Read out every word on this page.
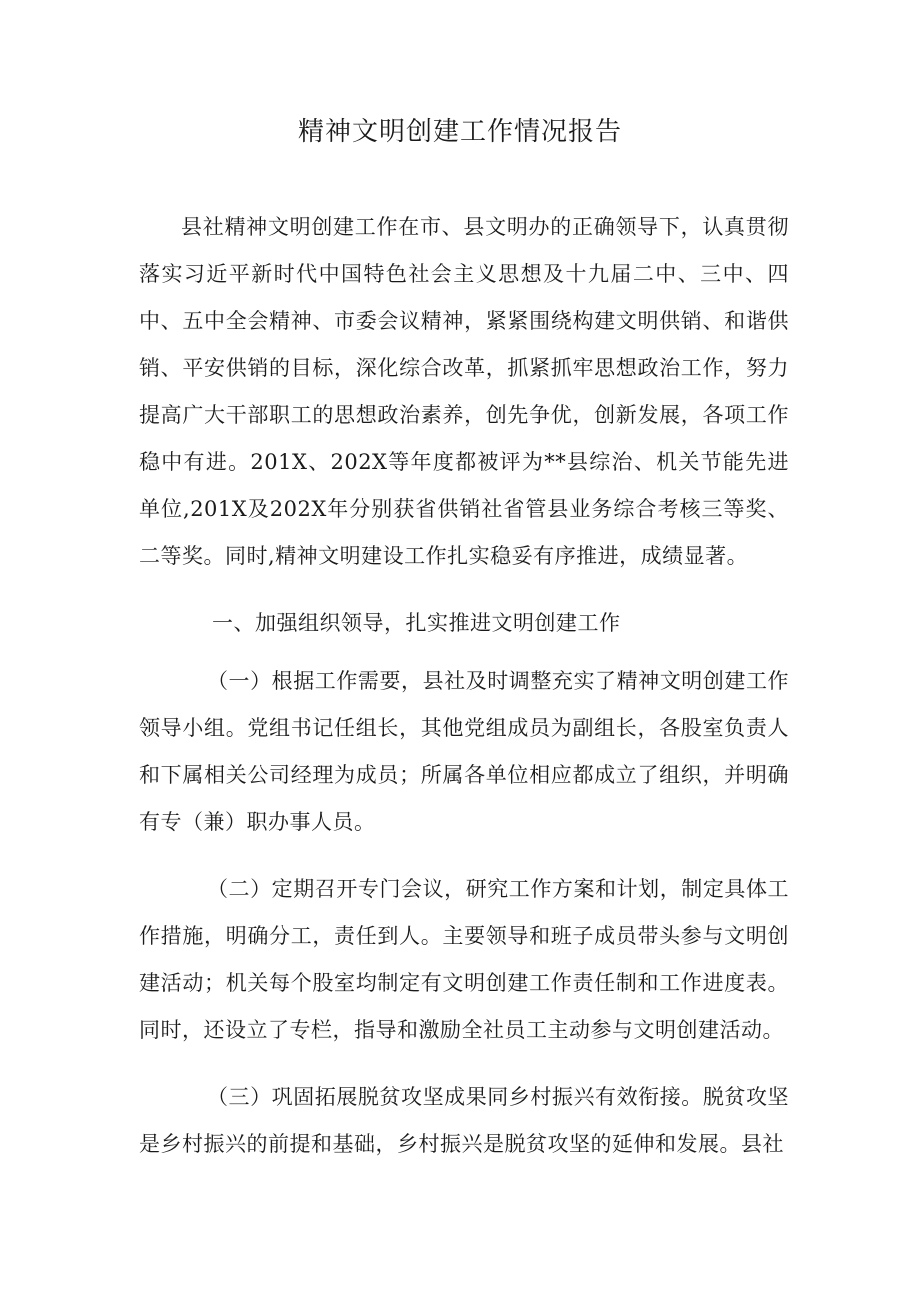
精神文明创建工作情况报告

县社精神文明创建工作在市、县文明办的正确领导下，认真贯彻落实习近平新时代中国特色社会主义思想及十九届二中、三中、四中、五中全会精神、市委会议精神，紧紧围绕构建文明供销、和谐供销、平安供销的目标，深化综合改革，抓紧抓牢思想政治工作，努力提高广大干部职工的思想政治素养，创先争优，创新发展，各项工作稳中有进。201X、202X等年度都被评为**县综治、机关节能先进单位,201X及202X年分别获省供销社省管县业务综合考核三等奖、二等奖。同时,精神文明建设工作扎实稳妥有序推进，成绩显著。

一、加强组织领导，扎实推进文明创建工作

（一）根据工作需要，县社及时调整充实了精神文明创建工作领导小组。党组书记任组长，其他党组成员为副组长，各股室负责人和下属相关公司经理为成员；所属各单位相应都成立了组织，并明确有专（兼）职办事人员。

（二）定期召开专门会议，研究工作方案和计划，制定具体工作措施，明确分工，责任到人。主要领导和班子成员带头参与文明创建活动；机关每个股室均制定有文明创建工作责任制和工作进度表。同时，还设立了专栏，指导和激励全社员工主动参与文明创建活动。

（三）巩固拓展脱贫攻坚成果同乡村振兴有效衔接。脱贫攻坚是乡村振兴的前提和基础，乡村振兴是脱贫攻坚的延伸和发展。县社
